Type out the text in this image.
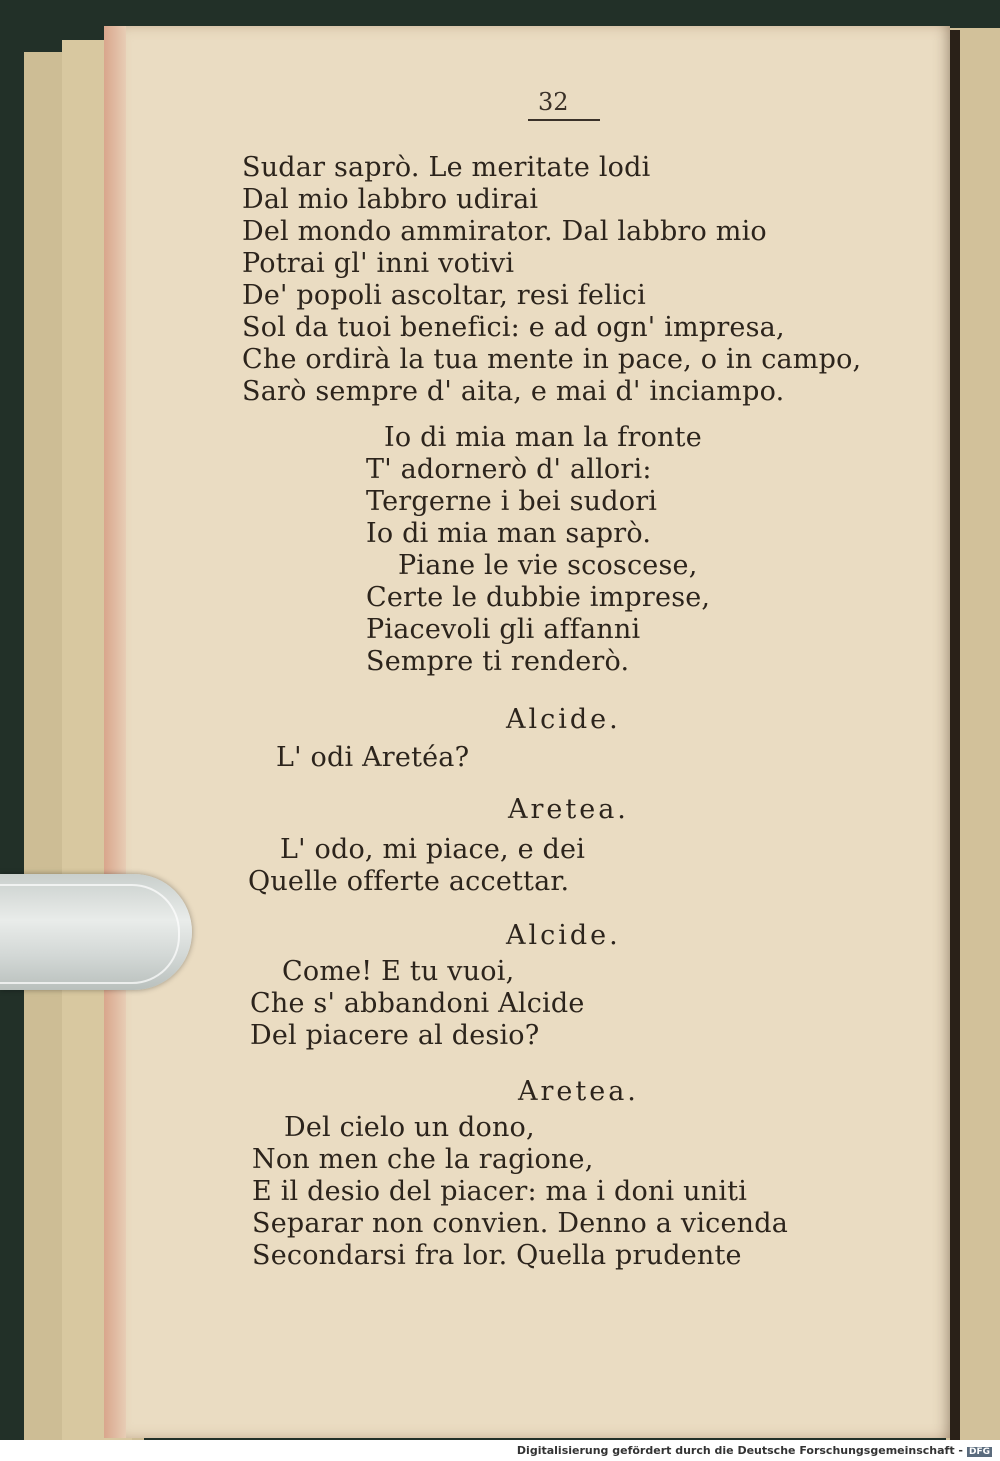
32
Sudar saprò. Le meritate lodi
Dal mio labbro udirai
Del mondo ammirator. Dal labbro mio
Potrai gl' inni votivi
De' popoli ascoltar, resi felici
Sol da tuoi benefici: e ad ogn' impresa,
Che ordirà la tua mente in pace, o in campo,
Sarò sempre d' aita, e mai d' inciampo.
Io di mia man la fronte
T' adornerò d' allori:
Tergerne i bei sudori
Io di mia man saprò.
Piane le vie scoscese,
Certe le dubbie imprese,
Piacevoli gli affanni
Sempre ti renderò.
Alcide.
L' odi Aretéa?
Aretea.
L' odo, mi piace, e dei
Quelle offerte accettar.
Alcide.
Come! E tu vuoi,
Che s' abbandoni Alcide
Del piacere al desio?
Aretea.
Del cielo un dono,
Non men che la ragione,
E il desio del piacer: ma i doni uniti
Separar non convien. Denno a vicenda
Secondarsi fra lor. Quella prudente
Digitalisierung gefördert durch die Deutsche Forschungsgemeinschaft - DFG
